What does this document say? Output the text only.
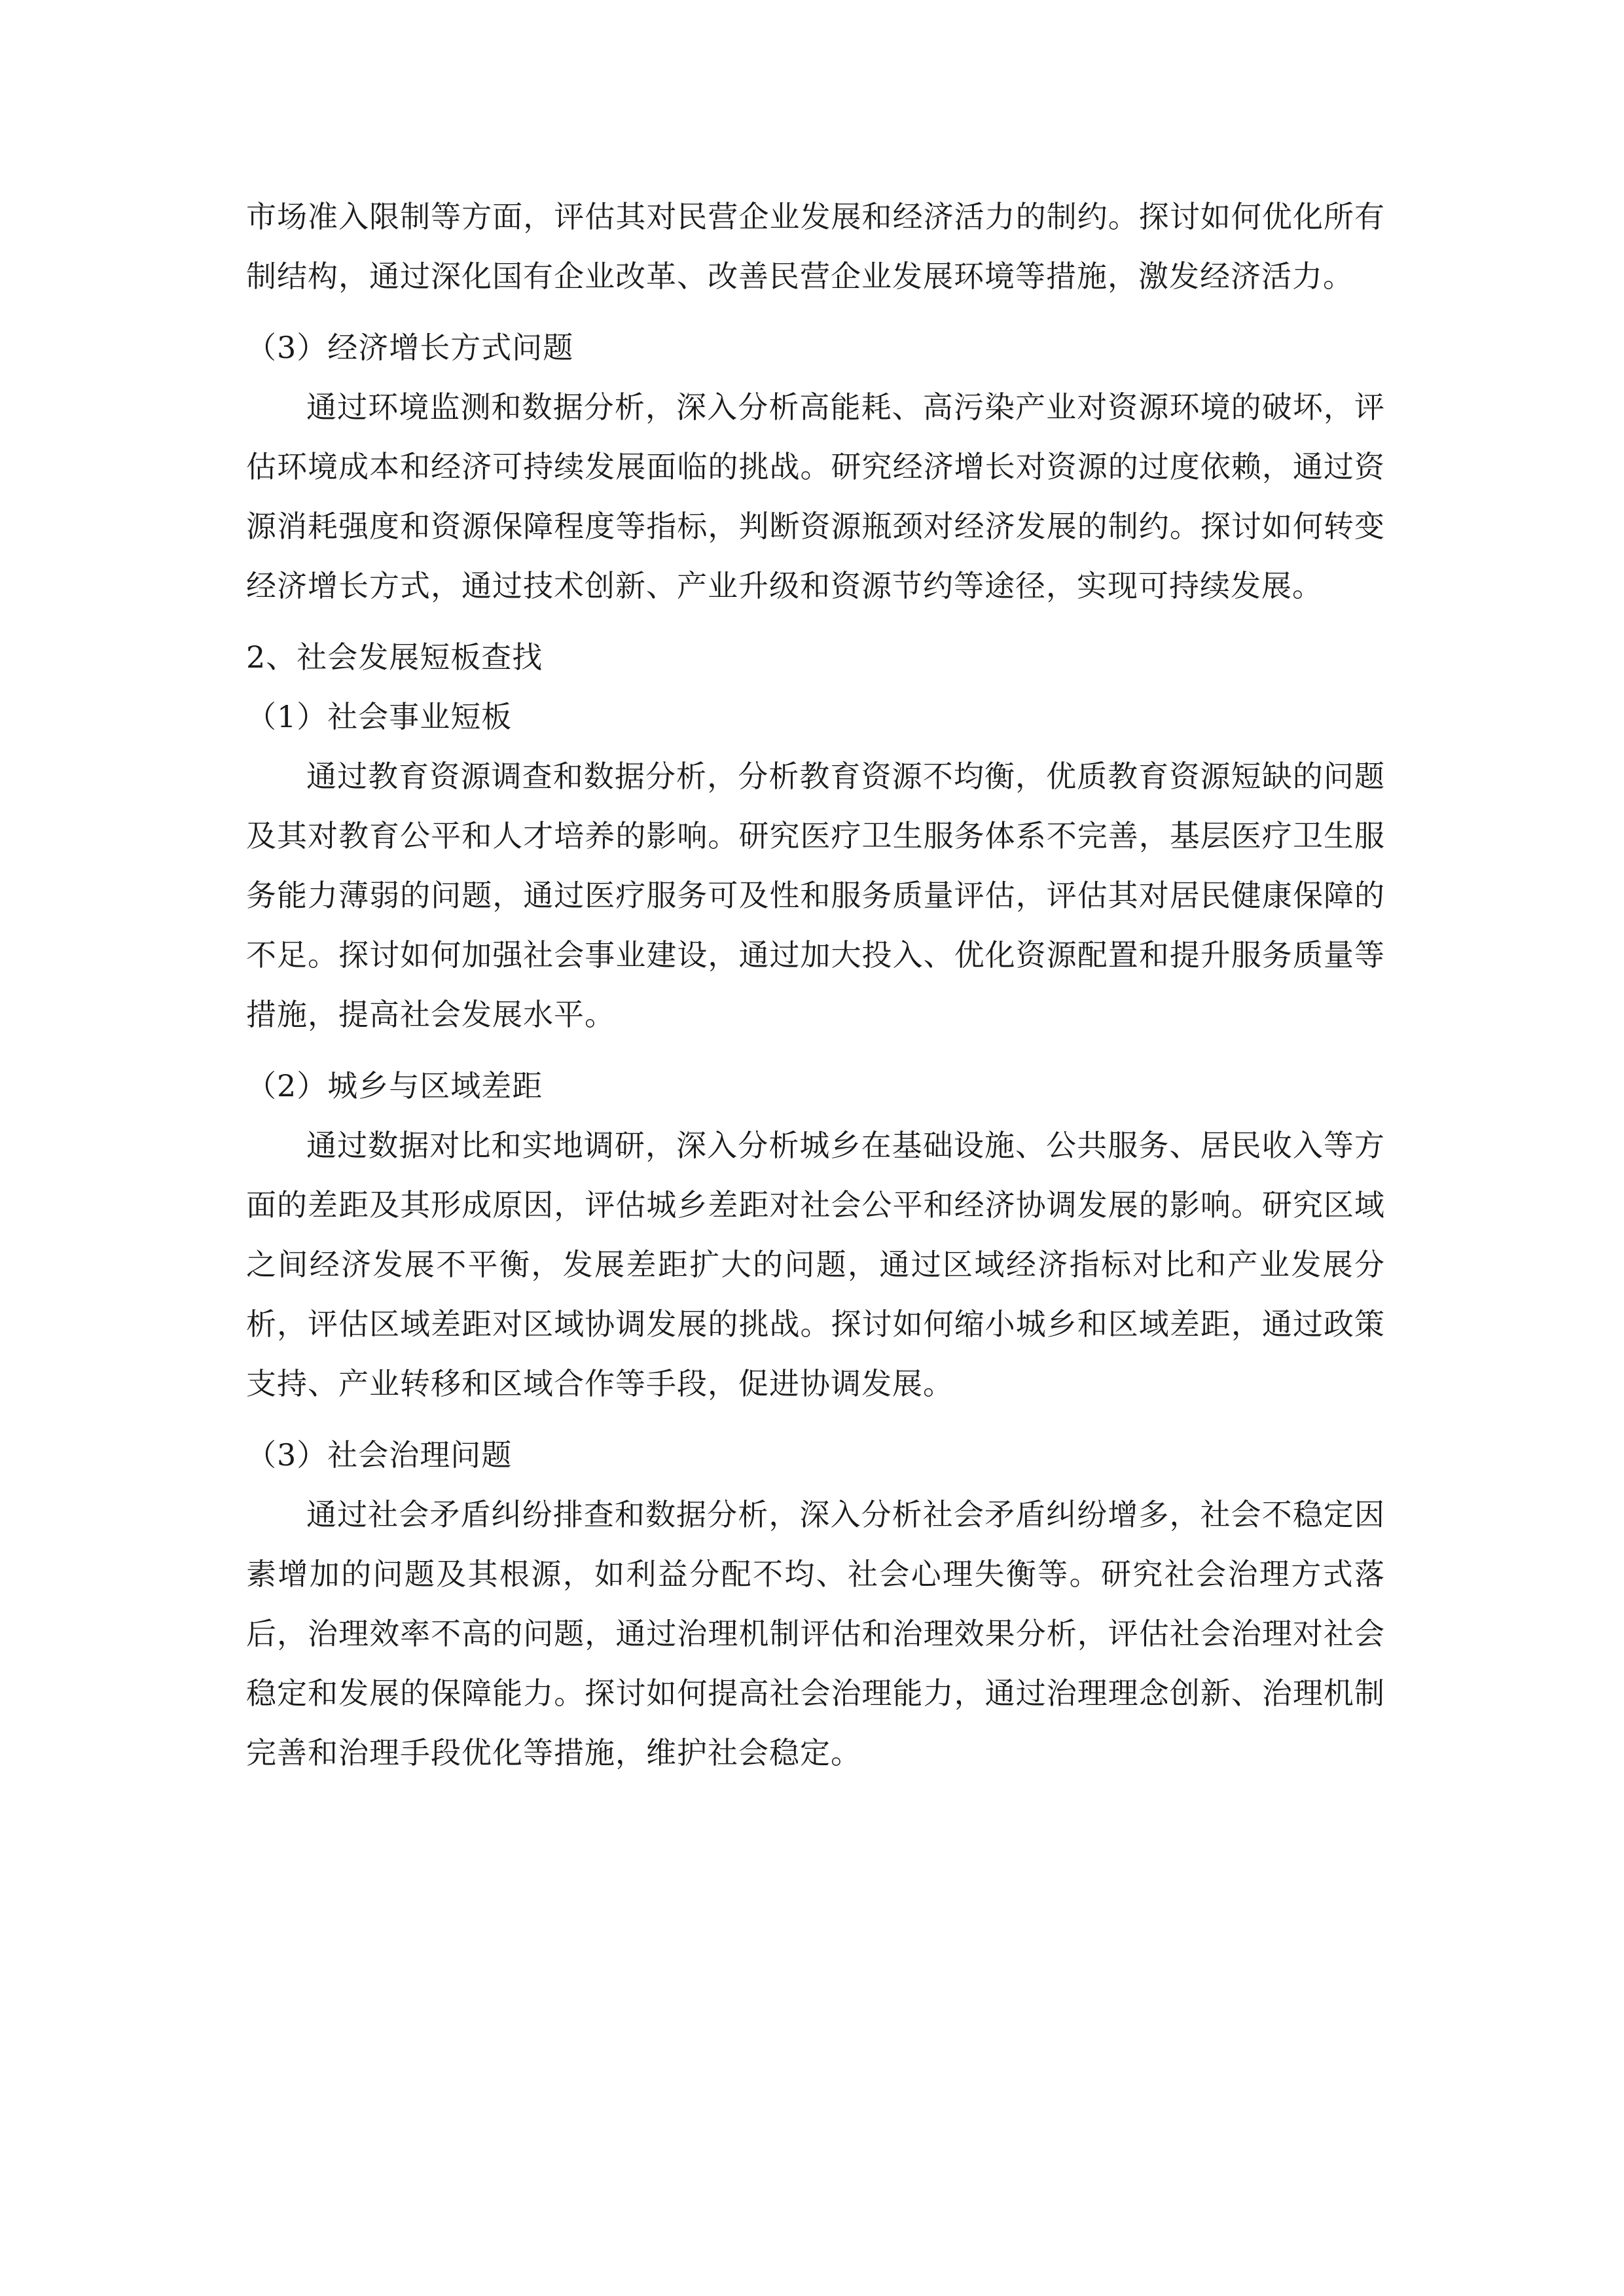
市场准入限制等方面，评估其对民营企业发展和经济活力的制约。探讨如何优化所有制结构，通过深化国有企业改革、改善民营企业发展环境等措施，激发经济活力。

（3）经济增长方式问题

通过环境监测和数据分析，深入分析高能耗、高污染产业对资源环境的破坏，评估环境成本和经济可持续发展面临的挑战。研究经济增长对资源的过度依赖，通过资源消耗强度和资源保障程度等指标，判断资源瓶颈对经济发展的制约。探讨如何转变经济增长方式，通过技术创新、产业升级和资源节约等途径，实现可持续发展。

2、社会发展短板查找

（1）社会事业短板

通过教育资源调查和数据分析，分析教育资源不均衡，优质教育资源短缺的问题及其对教育公平和人才培养的影响。研究医疗卫生服务体系不完善，基层医疗卫生服务能力薄弱的问题，通过医疗服务可及性和服务质量评估，评估其对居民健康保障的不足。探讨如何加强社会事业建设，通过加大投入、优化资源配置和提升服务质量等措施，提高社会发展水平。

（2）城乡与区域差距

通过数据对比和实地调研，深入分析城乡在基础设施、公共服务、居民收入等方面的差距及其形成原因，评估城乡差距对社会公平和经济协调发展的影响。研究区域之间经济发展不平衡，发展差距扩大的问题，通过区域经济指标对比和产业发展分析，评估区域差距对区域协调发展的挑战。探讨如何缩小城乡和区域差距，通过政策支持、产业转移和区域合作等手段，促进协调发展。

（3）社会治理问题

通过社会矛盾纠纷排查和数据分析，深入分析社会矛盾纠纷增多，社会不稳定因素增加的问题及其根源，如利益分配不均、社会心理失衡等。研究社会治理方式落后，治理效率不高的问题，通过治理机制评估和治理效果分析，评估社会治理对社会稳定和发展的保障能力。探讨如何提高社会治理能力，通过治理理念创新、治理机制完善和治理手段优化等措施，维护社会稳定。
